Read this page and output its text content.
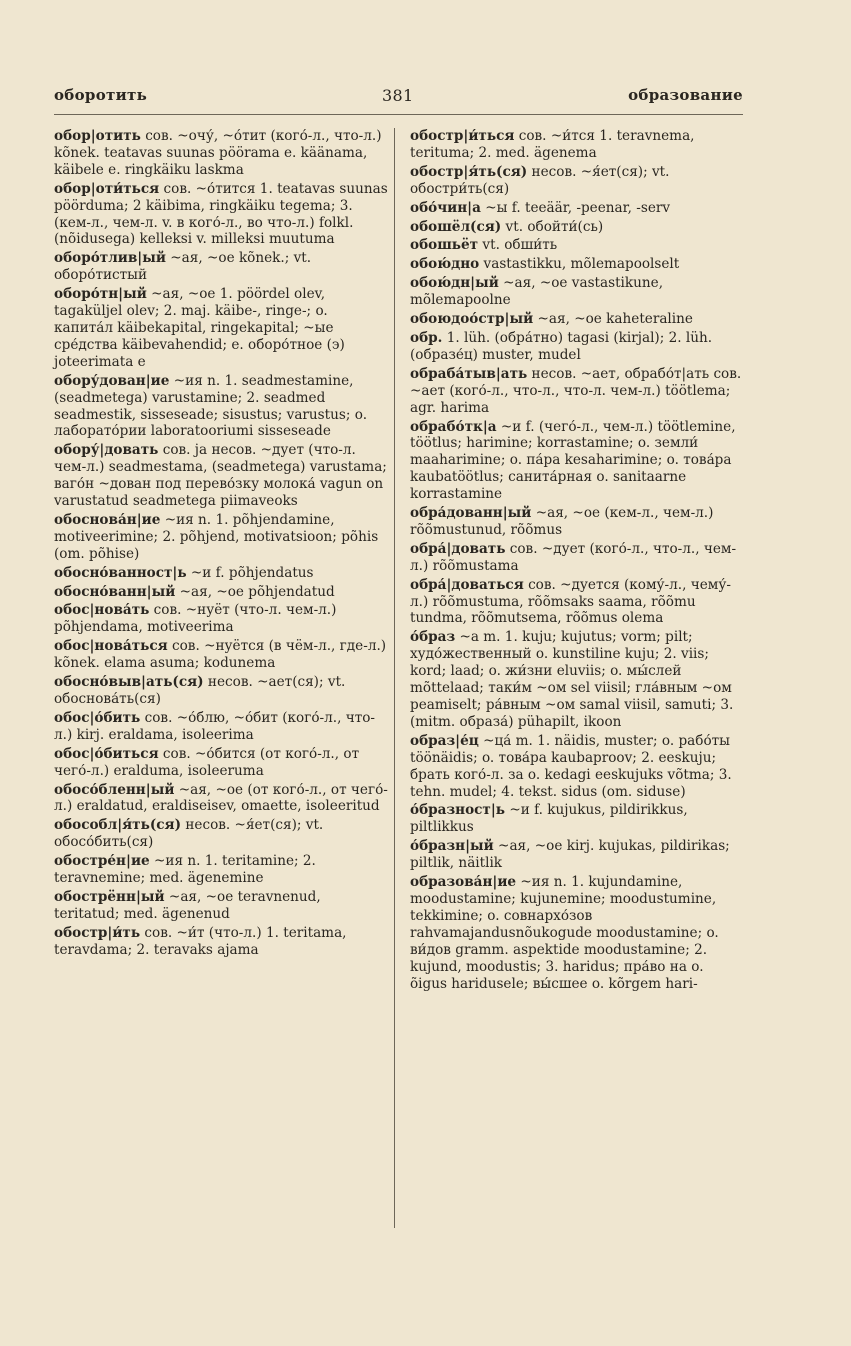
оборотить	381	образование
обор|отить сов. ~очу́, ~о́тит (кого́-л., что-л.) kõnek. teatavas suunas pöörama e. käänama, käibele e. ringkäiku laskma
обор|оти́ться сов. ~о́тится 1. teatavas suunas pöörduma; 2 käibima, ringkäiku tegema; 3. (кем-л., чем-л. v. в кого́-л., во что-л.) folkl. (nõidusega) kelleksi v. milleksi muutuma
оборо́тлив|ый ~ая, ~ое kõnek.; vt. оборо́тистый
оборо́тн|ый ~ая, ~ое 1. pöördel olev, tagaküljel olev; 2. maj. käibe-, ringe-; o. капита́л käibekapital, ringekapital; ~ые сре́дства käibevahendid; e. оборо́тное (э) joteerimata e
обору́дован|ие ~ия n. 1. seadmestamine, (seadmetega) varustamine; 2. seadmed seadmestik, sisseseade; sisustus; varustus; o. лаборато́рии laboratooriumi sisseseade
обору́|довать сов. ja несов. ~дует (что-л. чем-л.) seadmestama, (seadmetega) varustama; ваго́н ~дован под перево́зку молока́ vagun on varustatud seadmetega piimaveoks
обоснова́н|ие ~ия n. 1. põhjendamine, motiveerimine; 2. põhjend, motivatsioon; põhis (om. põhise)
обосно́ванност|ь ~и f. põhjendatus
обосно́ванн|ый ~ая, ~ое põhjendatud
обос|нова́ть сов. ~нуёт (что-л. чем-л.) põhjendama, motiveerima
обос|нова́ться сов. ~нуётся (в чём-л., где-л.) kõnek. elama asuma; kodunema
обосно́выв|ать(ся) несов. ~ает(ся); vt. обоснова́ть(ся)
обос|о́бить сов. ~о́блю, ~о́бит (кого́-л., что-л.) kirj. eraldama, isoleerima
обос|о́биться сов. ~о́бится (от кого́-л., от чего́-л.) eralduma, isoleeruma
обосо́бленн|ый ~ая, ~ое (от кого́-л., от чего́-л.) eraldatud, eraldiseisev, omaette, isoleeritud
обособл|я́ть(ся) несов. ~я́ет(ся); vt. обосо́бить(ся)
обостре́н|ие ~ия n. 1. teritamine; 2. teravnemine; med. ägenemine
обострённ|ый ~ая, ~ое teravnenud, teritatud; med. ägenenud
обостр|и́ть сов. ~и́т (что-л.) 1. teritama, teravdama; 2. teravaks ajama
обостр|и́ться сов. ~и́тся 1. teravnema, terituma; 2. med. ägenema
обостр|я́ть(ся) несов. ~я́ет(ся); vt. обостри́ть(ся)
обо́чин|а ~ы f. teeäär, -peenar, -serv
обошёл(ся) vt. обойти́(сь)
обошьёт vt. обши́ть
обою́дно vastastikku, mõlemapoolselt
обою́дн|ый ~ая, ~ое vastastikune, mõlemapoolne
обоюдоо́стр|ый ~ая, ~ое kaheteraline
обр. 1. lüh. (обра́тно) tagasi (kirjal); 2. lüh. (образе́ц) muster, mudel
обраба́тыв|ать несов. ~ает, обрабо́т|ать сов. ~ает (кого́-л., что-л., что-л. чем-л.) töötlema; agr. harima
обрабо́тк|а ~и f. (чего́-л., чем-л.) töötlemine, töötlus; harimine; korrastamine; o. земли́ maaharimine; o. па́ра kesaharimine; o. това́ра kaubatöötlus; санита́рная o. sanitaarne korrastamine
обра́дованн|ый ~ая, ~ое (кем-л., чем-л.) rõõmustunud, rõõmus
обра́|довать сов. ~дует (кого́-л., что-л., чем-л.) rõõmustama
обра́|доваться сов. ~дуется (кому́-л., чему́-л.) rõõmustuma, rõõmsaks saama, rõõmu tundma, rõõmutsema, rõõmus olema
о́браз ~а m. 1. kuju; kujutus; vorm; pilt; худо́жественный o. kunstiline kuju; 2. viis; kord; laad; o. жи́зни eluviis; o. мы́слей mõttelaad; таки́м ~ом sel viisil; гла́вным ~ом peamiselt; ра́вным ~ом samal viisil, samuti; 3. (mitm. образа́) pühapilt, ikoon
образ|е́ц ~ца́ m. 1. näidis, muster; o. рабо́ты töönäidis; o. това́ра kaubaproov; 2. eeskuju; брать кого́-л. за o. kedagi eeskujuks võtma; 3. tehn. mudel; 4. tekst. sidus (om. siduse)
о́бразност|ь ~и f. kujukus, pildirikkus, piltlikkus
о́бразн|ый ~ая, ~ое kirj. kujukas, pildirikas; piltlik, näitlik
образова́н|ие ~ия n. 1. kujundamine, moodustamine; kujunemine; moodustumine, tekkimine; o. совнархо́зов rahvamajandusnõukogude moodustamine; o. ви́дов gramm. aspektide moodustamine; 2. kujund, moodustis; 3. haridus; пра́во на o. õigus haridusele; вы́сшее o. kõrgem hari-
